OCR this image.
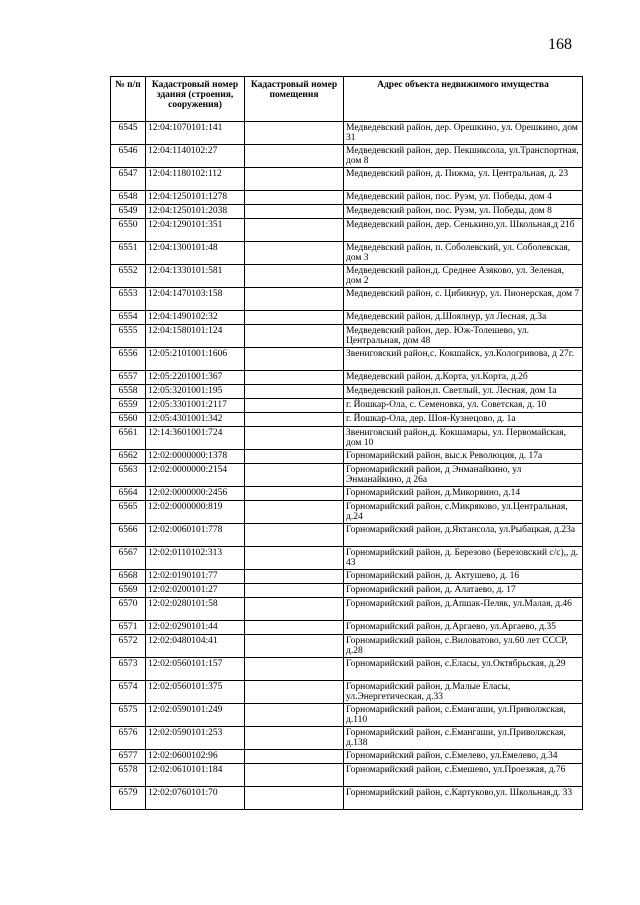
168
№ п/п	Кадастровый номер здания (строения, сооружения)	Кадастровый номер помещения	Адрес объекта недвижимого имущества
6545	12:04:1070101:141		Медведевский район, дер. Орешкино, ул. Орешкино, дом 31
6546	12:04:1140102:27		Медведевский район, дер. Пекшиксола, ул.Транспортная, дом 8
6547	12:04:1180102:112		Медведевский район, д. Пижма, ул. Центральная, д. 23
6548	12:04:1250101:1278		Медведевский район, пос. Руэм, ул. Победы, дом 4
6549	12:04:1250101:2038		Медведевский район, пос. Руэм, ул. Победы, дом 8
6550	12:04:1290101:351		Медведевский район, дер. Сенькино,ул. Школьная,д 21б
6551	12:04:1300101:48		Медведевский район, п. Соболевский, ул. Соболевская, дом 3
6552	12:04:1330101:581		Медведевский район,д. Среднее Азяково, ул. Зеленая, дом 2
6553	12:04:1470103:158		Медведевский район, с. Цибикнур, ул. Пионерская, дом 7
6554	12:04:1490102:32		Медведевский район, д.Шоялнур, ул Лесная, д.3а
6555	12:04:1580101:124		Медведевский район, дер. Юж-Толешево, ул. Центральная, дом 48
6556	12:05:2101001:1606		Звениговский район,с. Кокшайск, ул.Кологривова, д 27г.
6557	12:05:2201001:367		Медведевский район, д.Корта, ул.Корта, д.2б
6558	12:05:3201001:195		Медведевский район,п. Светлый, ул. Лесная, дом 1а
6559	12:05:3301001:2117		г. Йошкар-Ола, с. Семеновка, ул. Советская, д. 10
6560	12:05:4301001:342		г. Йошкар-Ола, дер. Шоя-Кузнецово, д. 1а
6561	12:14:3601001:724		Звениговский район,д. Кокшамары, ул. Первомайская, дом 10
6562	12:02:0000000:1378		Горномарийский район, выс.к Революция, д. 17а
6563	12:02:0000000:2154		Горномарийский район, д Энманайкино, ул Энманайкино, д 26а
6564	12:02:0000000:2456		Горномарийский район, д.Микорвино, д.14
6565	12:02:0000000:819		Горномарийский район, с.Микряково, ул.Центральная, д.24
6566	12:02:0060101:778		Горномарийский район, д.Яктансола, ул.Рыбацкая, д.23а
6567	12:02:0110102:313		Горномарийский район, д. Березово (Березовский с/с),, д. 43
6568	12:02:0190101:77		Горномарийский район, д. Актушево, д. 16
6569	12:02:0200101:27		Горномарийский район, д. Алатаево, д. 17
6570	12:02:0280101:58		Горномарийский район, д.Апшак-Пеляк, ул.Малая, д.46
6571	12:02:0290101:44		Горномарийский район, д.Аргаево, ул.Аргаево, д.35
6572	12:02:0480104:41		Горномарийский район, с.Виловатово, ул.60 лет СССР, д.28
6573	12:02:0560101:157		Горномарийский район, с.Еласы, ул.Октябрьская, д.29
6574	12:02:0560101:375		Горномарийский район, д.Малые Еласы, ул.Энергетическая, д.33
6575	12:02:0590101:249		Горномарийский район, с.Емангаши, ул.Приволжская, д.110
6576	12:02:0590101:253		Горномарийский район, с.Емангаши, ул.Приволжская, д.138
6577	12:02:0600102:96		Горномарийский район, с.Емелево, ул.Емелево, д.34
6578	12:02:0610101:184		Горномарийский район, с.Емешево, ул.Проезжая, д.76
6579	12:02:0760101:70		Горномарийский район, с.Картуково,ул. Школьная,д. 33
